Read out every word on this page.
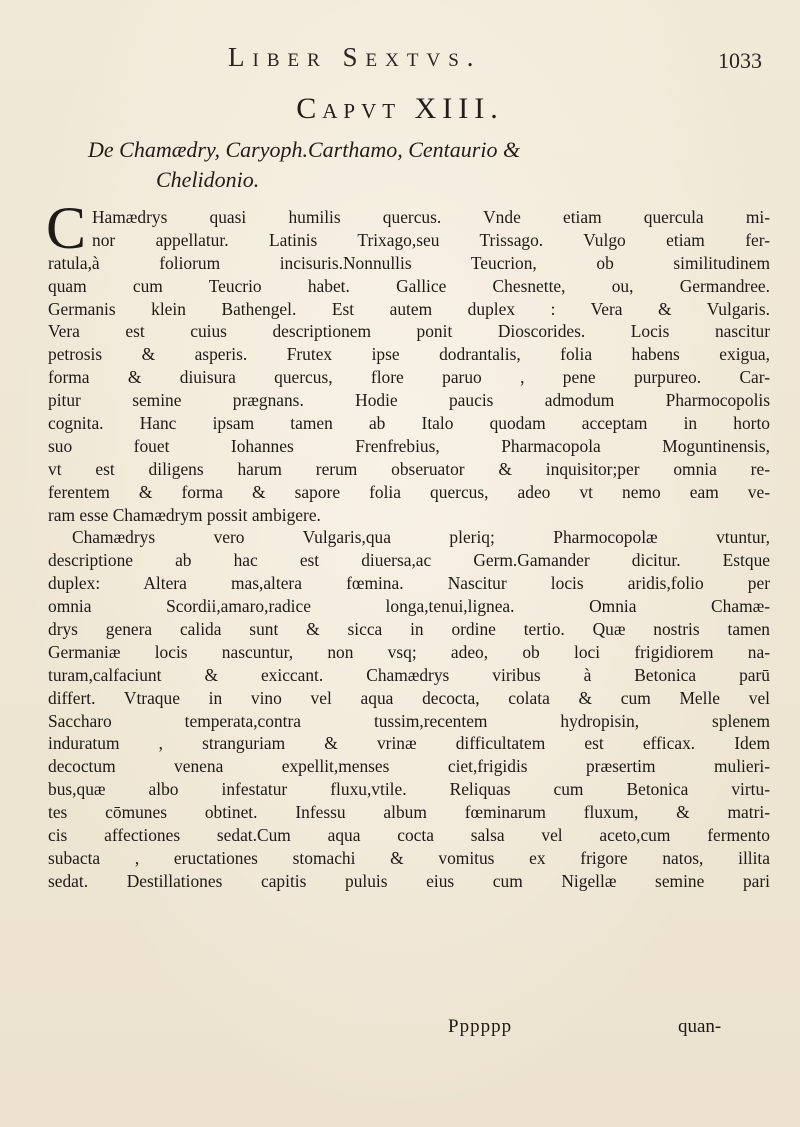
Liber Sextvs.	1033
Capvt XIII.
De Chamædry, Caryoph.Carthamo, Centaurio &
Chelidonio.
C Hamædrys quasi humilis quercus. Vnde etiam quercula mi-
nor appellatur. Latinis Trixago,seu Trissago. Vulgo etiam fer-
ratula,à foliorum incisuris.Nonnullis Teucrion, ob similitudinem
quam cum Teucrio habet. Gallice Chesnette, ou, Germandree.
Germanis klein Bathengel. Est autem duplex : Vera & Vulgaris.
Vera est cuius descriptionem ponit Dioscorides. Locis nascitur
petrosis & asperis. Frutex ipse dodrantalis, folia habens exigua,
forma & diuisura quercus, flore paruo , pene purpureo. Car-
pitur semine prægnans. Hodie paucis admodum Pharmocopolis
cognita. Hanc ipsam tamen ab Italo quodam acceptam in horto
suo fouet Iohannes Frenfrebius, Pharmacopola Moguntinensis,
vt est diligens harum rerum obseruator & inquisitor;per omnia re-
ferentem & forma & sapore folia quercus, adeo vt nemo eam ve-
ram esse Chamædrym possit ambigere.
Chamædrys vero Vulgaris,qua pleriq; Pharmocopolæ vtuntur,
descriptione ab hac est diuersa,ac Germ.Gamander dicitur. Estque
duplex: Altera mas,altera fœmina. Nascitur locis aridis,folio per
omnia Scordii,amaro,radice longa,tenui,lignea. Omnia Chamæ-
drys genera calida sunt & sicca in ordine tertio. Quæ nostris tamen
Germaniæ locis nascuntur, non vsq; adeo, ob loci frigidiorem na-
turam,calfaciunt & exiccant. Chamædrys viribus à Betonica parū
differt. Vtraque in vino vel aqua decocta, colata & cum Melle vel
Saccharo temperata,contra tussim,recentem hydropisin, splenem
induratum , stranguriam & vrinæ difficultatem est efficax. Idem
decoctum venena expellit,menses ciet,frigidis præsertim mulieri-
bus,quæ albo infestatur fluxu,vtile. Reliquas cum Betonica virtu-
tes cōmunes obtinet. Infessu album fœminarum fluxum, & matri-
cis affectiones sedat.Cum aqua cocta salsa vel aceto,cum fermento
subacta , eructationes stomachi & vomitus ex frigore natos, illita
sedat. Destillationes capitis puluis eius cum Nigellæ semine pari
Pppppp	quan-
